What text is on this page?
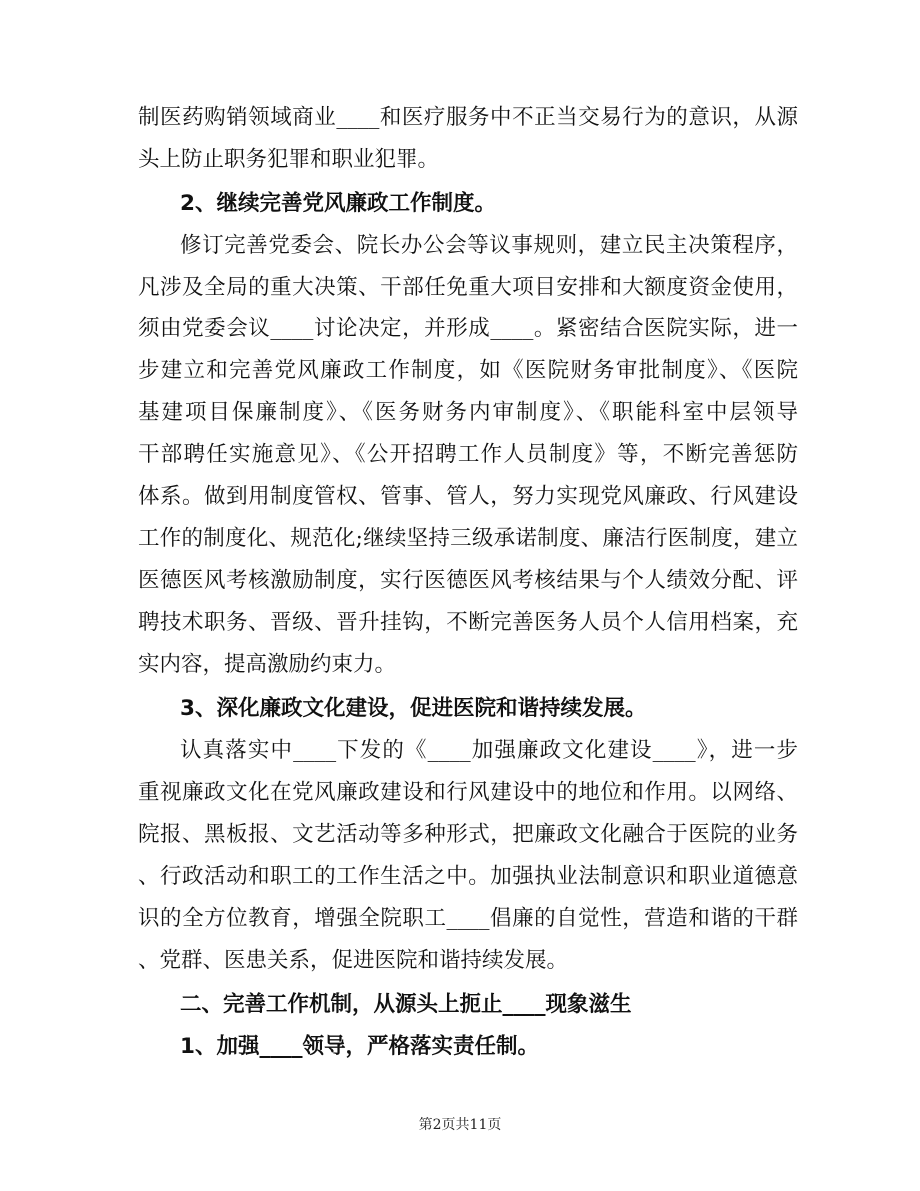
制医药购销领域商业____和医疗服务中不正当交易行为的意识，从源
头上防止职务犯罪和职业犯罪。
2、继续完善党风廉政工作制度。
修订完善党委会、院长办公会等议事规则，建立民主决策程序，
凡涉及全局的重大决策、干部任免重大项目安排和大额度资金使用，
须由党委会议____讨论决定，并形成____。紧密结合医院实际，进一
步建立和完善党风廉政工作制度，如《医院财务审批制度》、《医院
基建项目保廉制度》、《医务财务内审制度》、《职能科室中层领导
干部聘任实施意见》、《公开招聘工作人员制度》等，不断完善惩防
体系。做到用制度管权、管事、管人，努力实现党风廉政、行风建设
工作的制度化、规范化;继续坚持三级承诺制度、廉洁行医制度，建立
医德医风考核激励制度，实行医德医风考核结果与个人绩效分配、评
聘技术职务、晋级、晋升挂钩，不断完善医务人员个人信用档案，充
实内容，提高激励约束力。
3、深化廉政文化建设，促进医院和谐持续发展。
认真落实中____下发的《____加强廉政文化建设____》，进一步
重视廉政文化在党风廉政建设和行风建设中的地位和作用。以网络、
院报、黑板报、文艺活动等多种形式，把廉政文化融合于医院的业务
、行政活动和职工的工作生活之中。加强执业法制意识和职业道德意
识的全方位教育，增强全院职工____倡廉的自觉性，营造和谐的干群
、党群、医患关系，促进医院和谐持续发展。
二、完善工作机制，从源头上扼止____现象滋生
1、加强____领导，严格落实责任制。
第2页共11页
